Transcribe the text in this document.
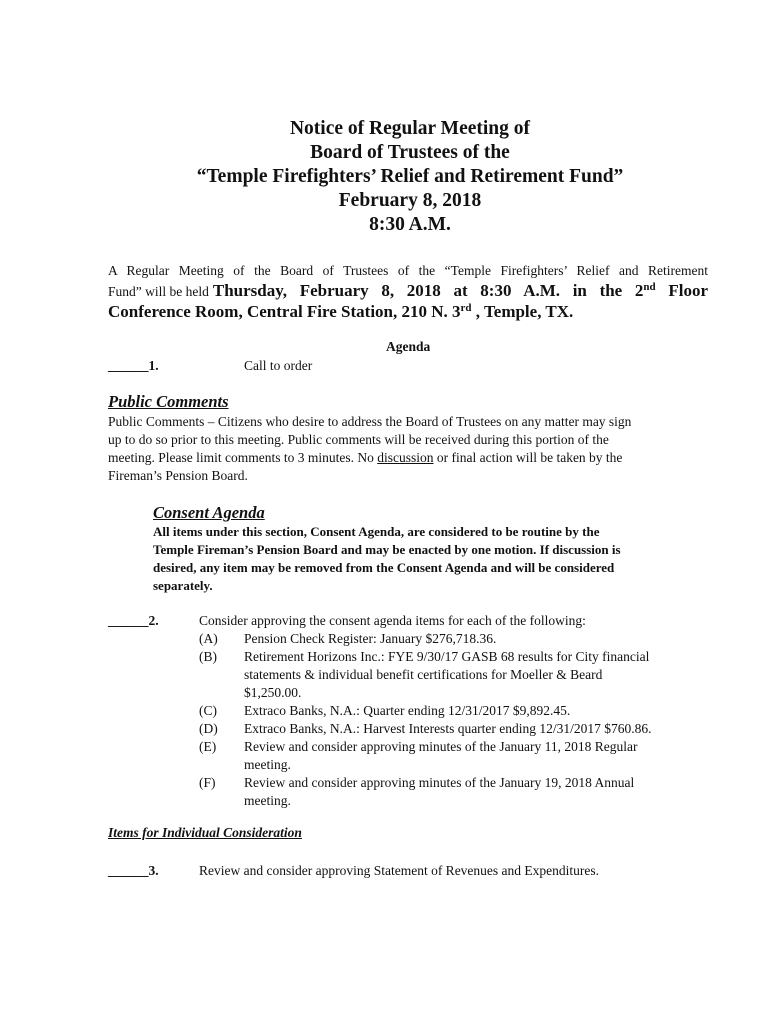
Notice of Regular Meeting of
Board of Trustees of the
“Temple Firefighters’ Relief and Retirement Fund”
February 8, 2018
8:30 A.M.
A Regular Meeting of the Board of Trustees of the “Temple Firefighters’ Relief and Retirement
Fund” will be held Thursday, February 8, 2018 at 8:30 A.M. in the 2nd Floor
Conference Room, Central Fire Station, 210 N. 3rd , Temple, TX.
Agenda
______1.	Call to order
Public Comments
Public Comments – Citizens who desire to address the Board of Trustees on any matter may sign
up to do so prior to this meeting. Public comments will be received during this portion of the
meeting. Please limit comments to 3 minutes. No discussion or final action will be taken by the
Fireman’s Pension Board.
Consent Agenda
All items under this section, Consent Agenda, are considered to be routine by the
Temple Fireman’s Pension Board and may be enacted by one motion. If discussion is
desired, any item may be removed from the Consent Agenda and will be considered
separately.
______2.	Consider approving the consent agenda items for each of the following:
(A)	Pension Check Register: January $276,718.36.
(B)	Retirement Horizons Inc.: FYE 9/30/17 GASB 68 results for City financial
statements & individual benefit certifications for Moeller & Beard
$1,250.00.
(C)	Extraco Banks, N.A.: Quarter ending 12/31/2017 $9,892.45.
(D)	Extraco Banks, N.A.: Harvest Interests quarter ending 12/31/2017 $760.86.
(E)	Review and consider approving minutes of the January 11, 2018 Regular
meeting.
(F)	Review and consider approving minutes of the January 19, 2018 Annual
meeting.
Items for Individual Consideration
______3.	Review and consider approving Statement of Revenues and Expenditures.
